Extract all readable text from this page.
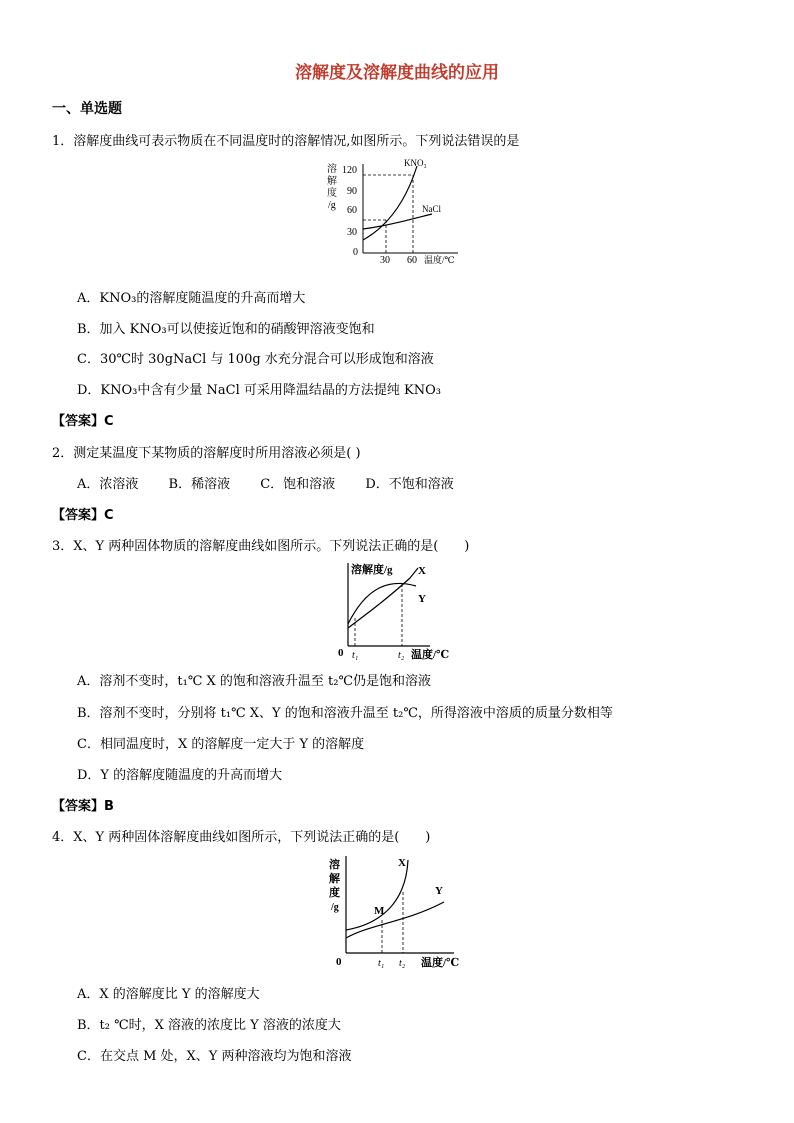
溶解度及溶解度曲线的应用
一、单选题
1．溶解度曲线可表示物质在不同温度时的溶解情况,如图所示。下列说法错误的是
溶
解
度
/g
120
90
60
30
0
KNO₃
NaCl
30 60 温度/℃
A．KNO₃的溶解度随温度的升高而增大
B．加入 KNO₃可以使接近饱和的硝酸钾溶液变饱和
C．30℃时 30gNaCl 与 100g 水充分混合可以形成饱和溶液
D．KNO₃中含有少量 NaCl 可采用降温结晶的方法提纯 KNO₃
【答案】C
2．测定某温度下某物质的溶解度时所用溶液必须是( )
A．浓溶液 B．稀溶液 C．饱和溶液 D．不饱和溶液
【答案】C
3．X、Y 两种固体物质的溶解度曲线如图所示。下列说法正确的是(　　)
溶解度/g X
Y
0 t₁	t₂ 温度/℃
A．溶剂不变时，t₁℃ X 的饱和溶液升温至 t₂℃仍是饱和溶液
B．溶剂不变时，分别将 t₁℃ X、Y 的饱和溶液升温至 t₂℃，所得溶液中溶质的质量分数相等
C．相同温度时，X 的溶解度一定大于 Y 的溶解度
D．Y 的溶解度随温度的升高而增大
【答案】B
4．X、Y 两种固体溶解度曲线如图所示，下列说法正确的是(　　)
溶
解
度
/g
X
Y
M
0	t₁ t₂ 温度/℃
A．X 的溶解度比 Y 的溶解度大
B．t₂ ℃时，X 溶液的浓度比 Y 溶液的浓度大
C．在交点 M 处，X、Y 两种溶液均为饱和溶液
